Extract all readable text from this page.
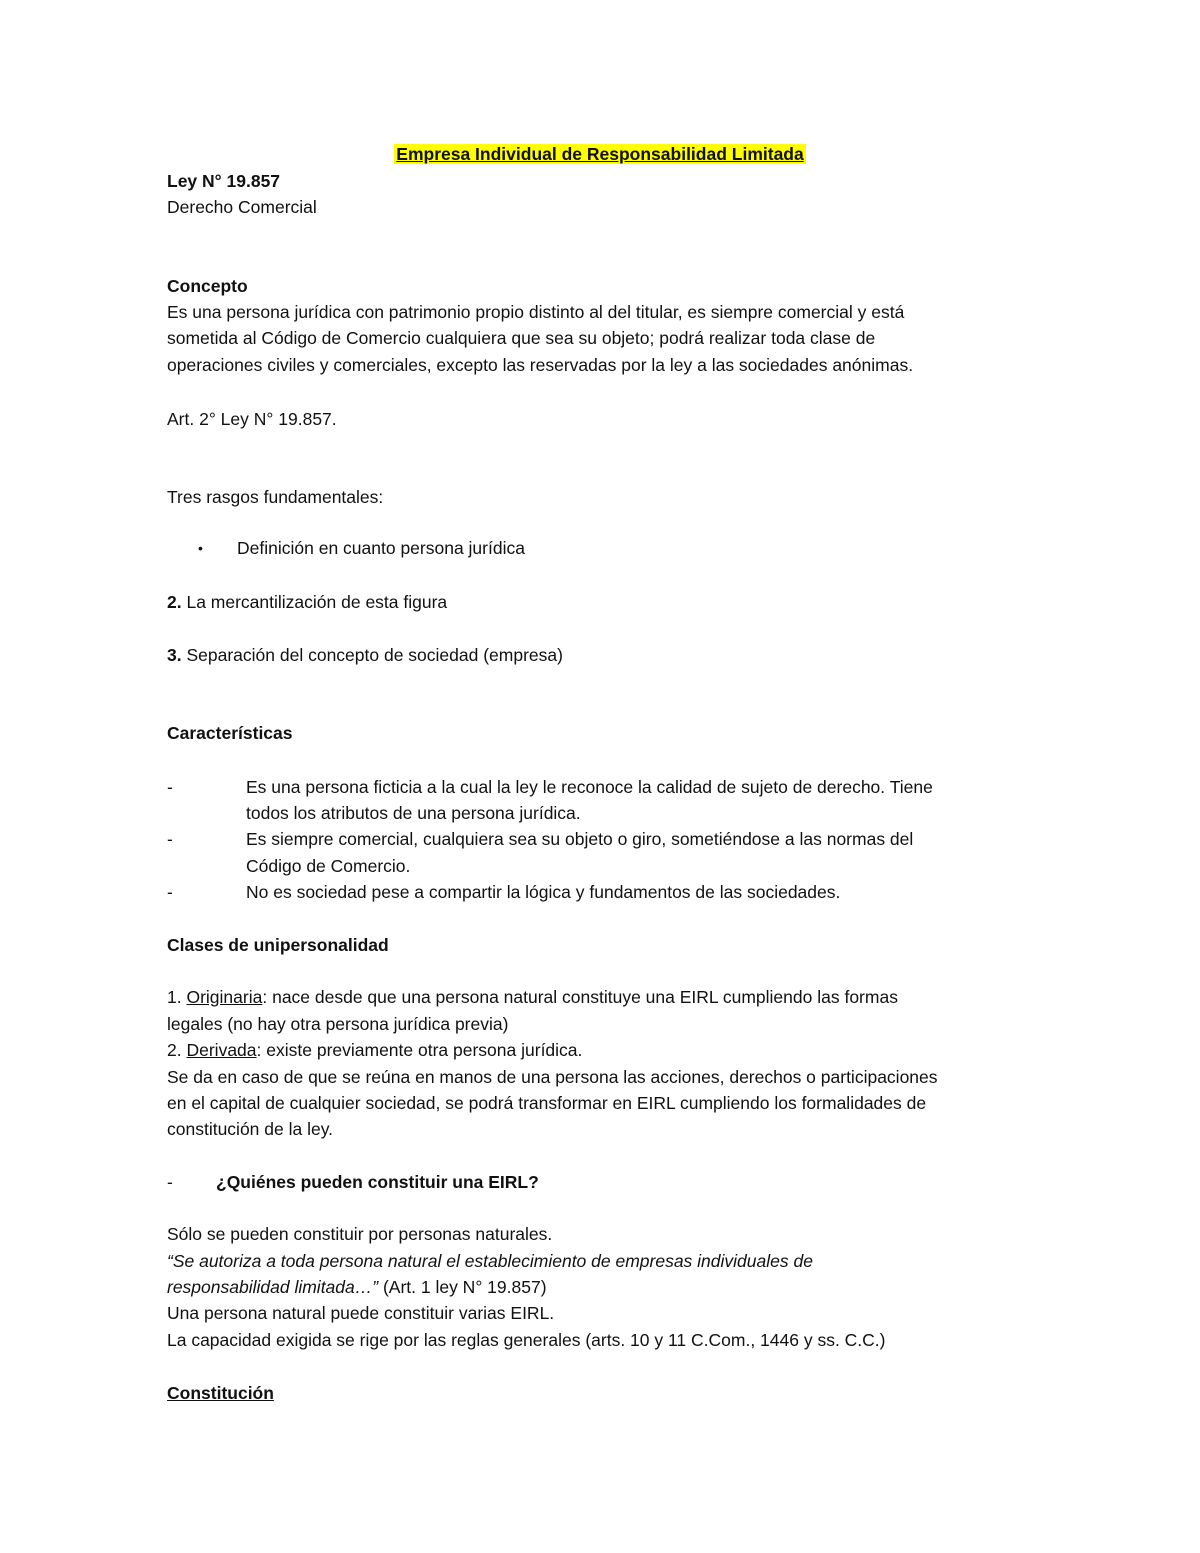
Empresa Individual de Responsabilidad Limitada
Ley N° 19.857
Derecho Comercial
Concepto
Es una persona jurídica con patrimonio propio distinto al del titular, es siempre comercial y está
sometida al Código de Comercio cualquiera que sea su objeto; podrá realizar toda clase de
operaciones civiles y comerciales, excepto las reservadas por la ley a las sociedades anónimas.
Art. 2° Ley N° 19.857.
Tres rasgos fundamentales:
• Definición en cuanto persona jurídica
2. La mercantilización de esta figura
3. Separación del concepto de sociedad (empresa)
Características
-	Es una persona ficticia a la cual la ley le reconoce la calidad de sujeto de derecho. Tiene
todos los atributos de una persona jurídica.
-	Es siempre comercial, cualquiera sea su objeto o giro, sometiéndose a las normas del
Código de Comercio.
-	No es sociedad pese a compartir la lógica y fundamentos de las sociedades.
Clases de unipersonalidad
1. Originaria: nace desde que una persona natural constituye una EIRL cumpliendo las formas
legales (no hay otra persona jurídica previa)
2. Derivada: existe previamente otra persona jurídica.
Se da en caso de que se reúna en manos de una persona las acciones, derechos o participaciones
en el capital de cualquier sociedad, se podrá transformar en EIRL cumpliendo los formalidades de
constitución de la ley.
- ¿Quiénes pueden constituir una EIRL?
Sólo se pueden constituir por personas naturales.
“Se autoriza a toda persona natural el establecimiento de empresas individuales de
responsabilidad limitada…” (Art. 1 ley N° 19.857)
Una persona natural puede constituir varias EIRL.
La capacidad exigida se rige por las reglas generales (arts. 10 y 11 C.Com., 1446 y ss. C.C.)
Constitución
